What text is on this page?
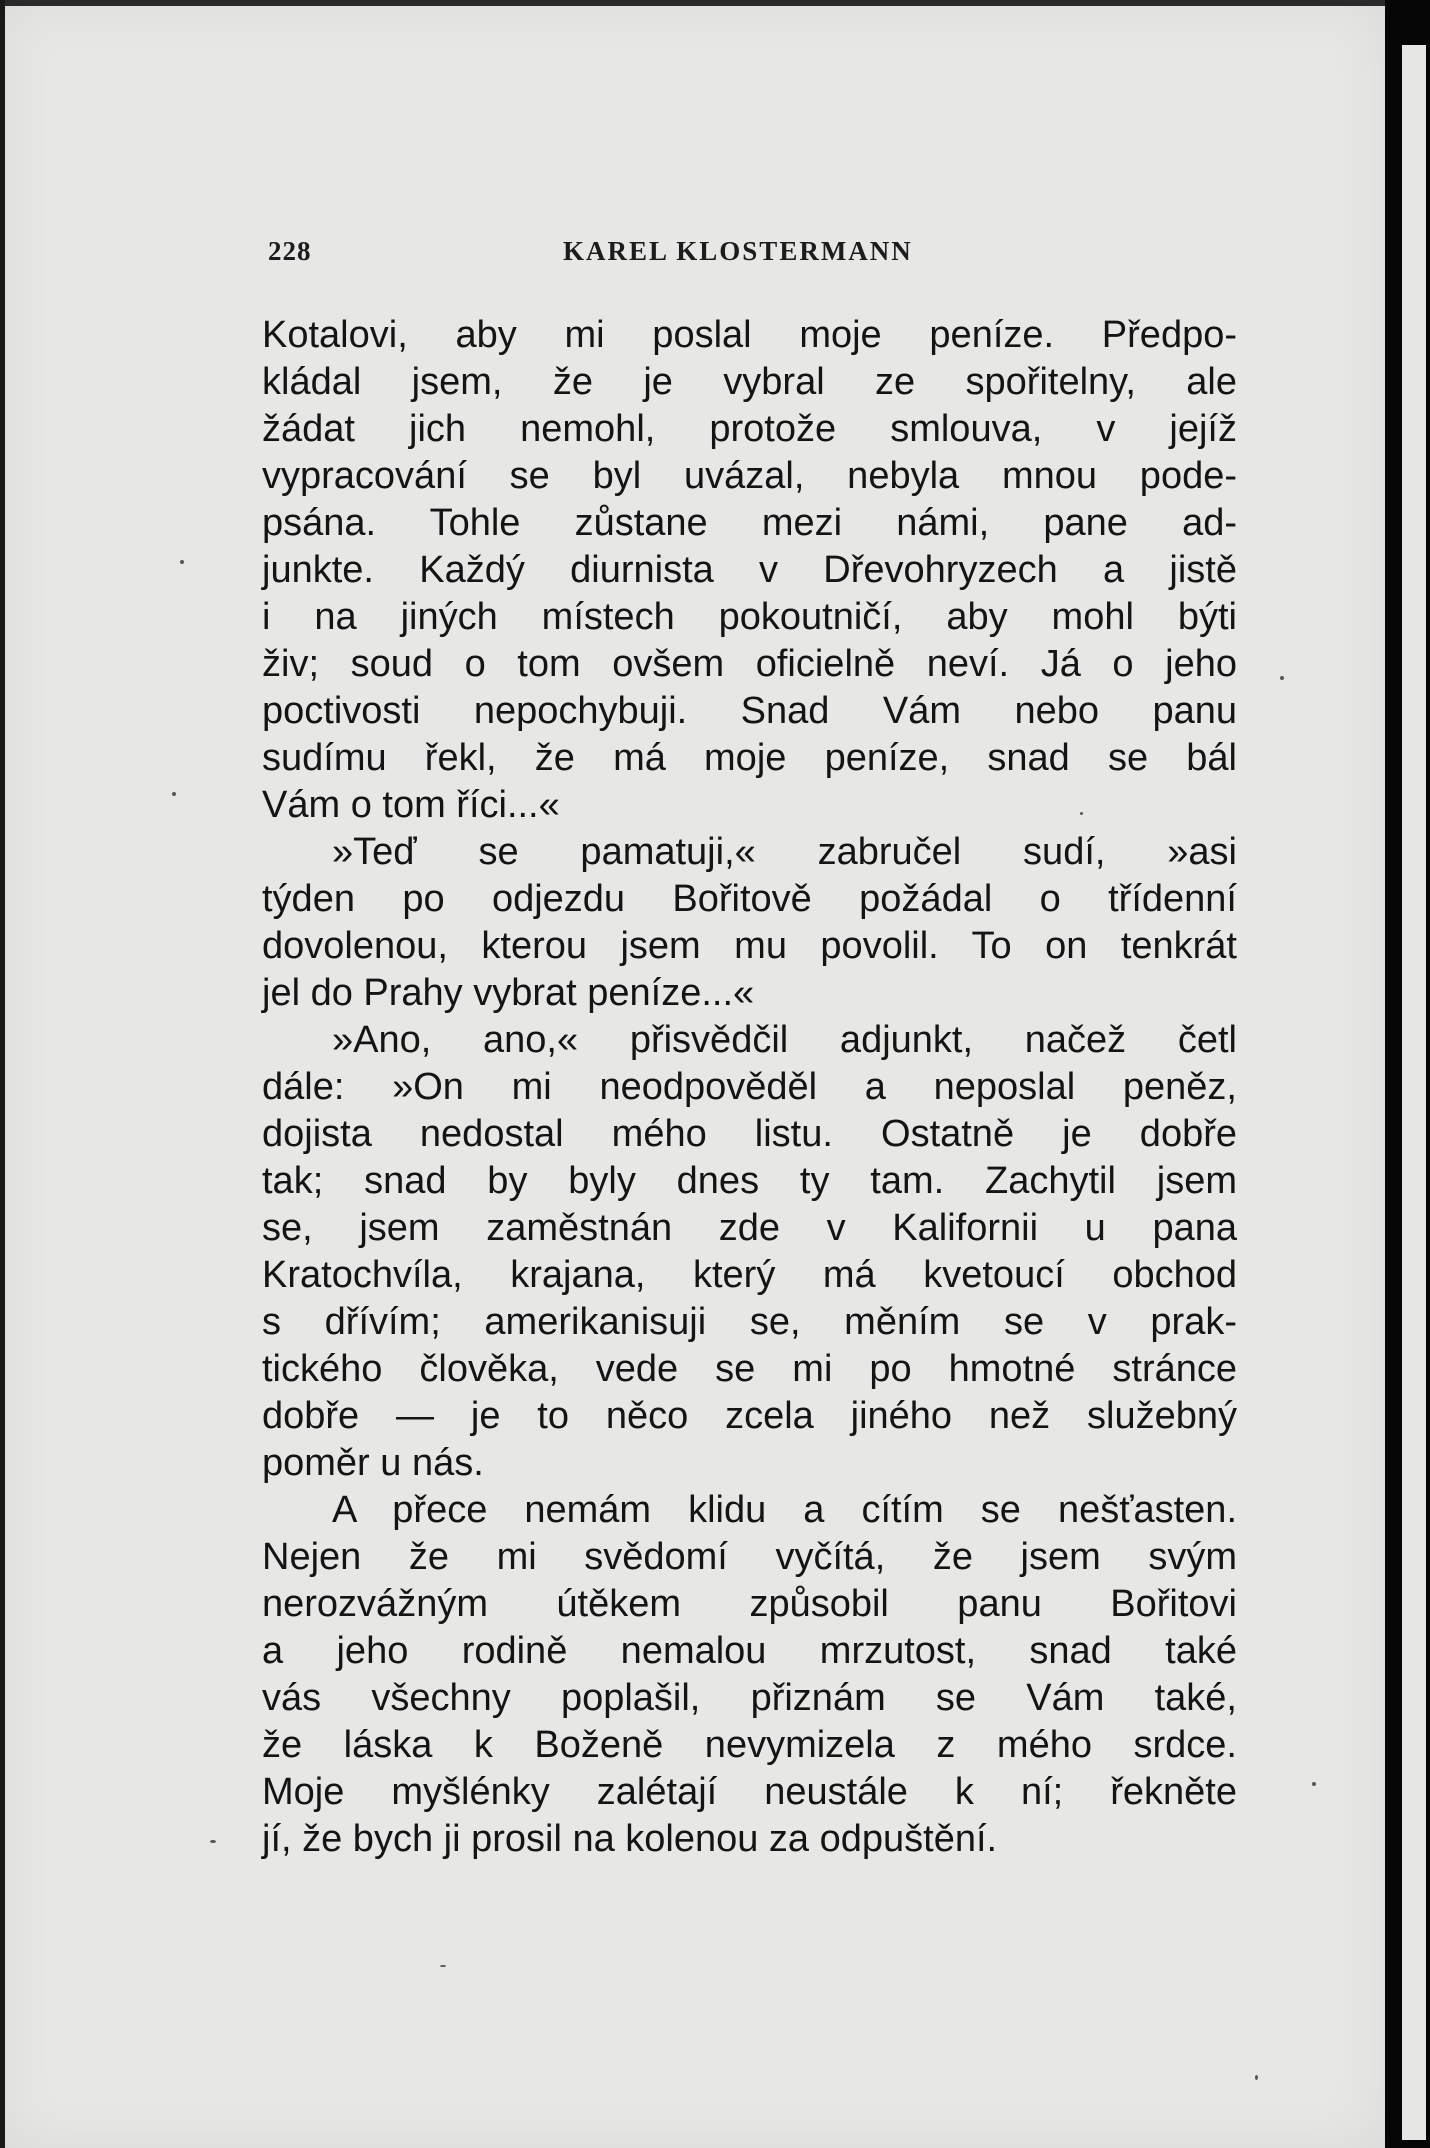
228	KAREL KLOSTERMANN
Kotalovi, aby mi poslal moje peníze. Předpo-
kládal jsem, že je vybral ze spořitelny, ale
žádat jich nemohl, protože smlouva, v jejíž
vypracování se byl uvázal, nebyla mnou pode-
psána. Tohle zůstane mezi námi, pane ad-
junkte. Každý diurnista v Dřevohryzech a jistě
i na jiných místech pokoutničí, aby mohl býti
živ; soud o tom ovšem oficielně neví. Já o jeho
poctivosti nepochybuji. Snad Vám nebo panu
sudímu řekl, že má moje peníze, snad se bál
Vám o tom říci...«
»Teď se pamatuji,« zabručel sudí, »asi
týden po odjezdu Bořitově požádal o třídenní
dovolenou, kterou jsem mu povolil. To on tenkrát
jel do Prahy vybrat peníze...«
»Ano, ano,« přisvědčil adjunkt, načež četl
dále: »On mi neodpověděl a neposlal peněz,
dojista nedostal mého listu. Ostatně je dobře
tak; snad by byly dnes ty tam. Zachytil jsem
se, jsem zaměstnán zde v Kalifornii u pana
Kratochvíla, krajana, který má kvetoucí obchod
s dřívím; amerikanisuji se, měním se v prak-
tického člověka, vede se mi po hmotné stránce
dobře — je to něco zcela jiného než služebný
poměr u nás.
A přece nemám klidu a cítím se nešťasten.
Nejen že mi svědomí vyčítá, že jsem svým
nerozvážným útěkem způsobil panu Bořitovi
a jeho rodině nemalou mrzutost, snad také
vás všechny poplašil, přiznám se Vám také,
že láska k Boženě nevymizela z mého srdce.
Moje myšlénky zalétají neustále k ní; řekněte
jí, že bych ji prosil na kolenou za odpuštění.
